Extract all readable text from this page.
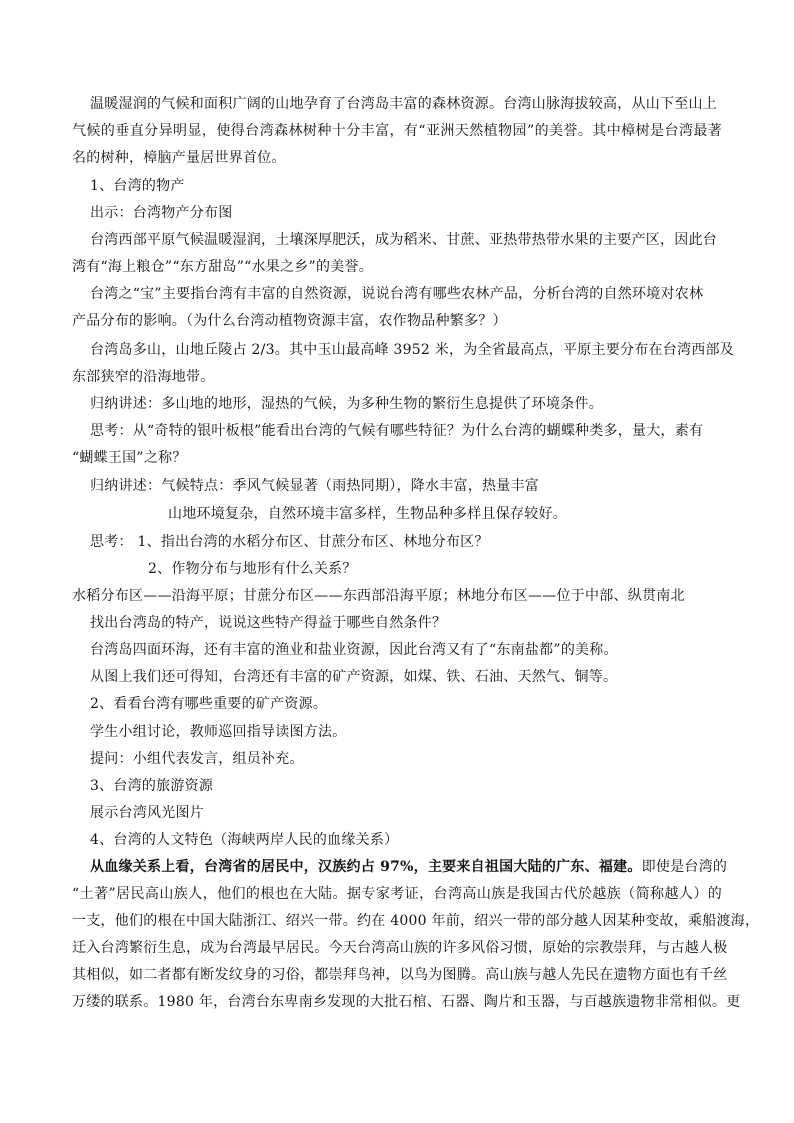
温暖湿润的气候和面积广阔的山地孕育了台湾岛丰富的森林资源。台湾山脉海拔较高，从山下至山上
气候的垂直分异明显，使得台湾森林树种十分丰富，有“亚洲天然植物园”的美誉。其中樟树是台湾最著
名的树种，樟脑产量居世界首位。
1、台湾的物产
出示：台湾物产分布图
台湾西部平原气候温暖湿润，土壤深厚肥沃，成为稻米、甘蔗、亚热带热带水果的主要产区，因此台
湾有“海上粮仓”“东方甜岛”“水果之乡”的美誉。
台湾之“宝”主要指台湾有丰富的自然资源，说说台湾有哪些农林产品，分析台湾的自然环境对农林
产品分布的影响。（为什么台湾动植物资源丰富，农作物品种繁多？）
台湾岛多山，山地丘陵占 2/3。其中玉山最高峰 3952 米，为全省最高点，平原主要分布在台湾西部及
东部狭窄的沿海地带。
归纳讲述：多山地的地形，湿热的气候，为多种生物的繁衍生息提供了环境条件。
思考：从“奇特的银叶板根”能看出台湾的气候有哪些特征？为什么台湾的蝴蝶种类多，量大，素有
“蝴蝶王国”之称？
归纳讲述：气候特点：季风气候显著（雨热同期），降水丰富，热量丰富
山地环境复杂，自然环境丰富多样，生物品种多样且保存较好。
思考： 1、指出台湾的水稻分布区、甘蔗分布区、林地分布区？
2、作物分布与地形有什么关系？
水稻分布区——沿海平原；甘蔗分布区——东西部沿海平原；林地分布区——位于中部、纵贯南北
找出台湾岛的特产，说说这些特产得益于哪些自然条件？
台湾岛四面环海，还有丰富的渔业和盐业资源，因此台湾又有了“东南盐都”的美称。
从图上我们还可得知，台湾还有丰富的矿产资源，如煤、铁、石油、天然气、铜等。
2、看看台湾有哪些重要的矿产资源。
学生小组讨论，教师巡回指导读图方法。
提问：小组代表发言，组员补充。
3、台湾的旅游资源
展示台湾风光图片
4、台湾的人文特色（海峡两岸人民的血缘关系）
从血缘关系上看，台湾省的居民中，汉族约占 97%，主要来自祖国大陆的广东、福建。即使是台湾的
“土著”居民高山族人，他们的根也在大陆。据专家考证，台湾高山族是我国古代於越族（简称越人）的
一支，他们的根在中国大陆浙江、绍兴一带。约在 4000 年前，绍兴一带的部分越人因某种变故，乘船渡海，
迁入台湾繁衍生息，成为台湾最早居民。今天台湾高山族的许多风俗习惯，原始的宗教崇拜，与古越人极
其相似，如二者都有断发纹身的习俗，都崇拜鸟神，以鸟为图腾。高山族与越人先民在遗物方面也有千丝
万缕的联系。1980 年，台湾台东卑南乡发现的大批石棺、石器、陶片和玉器，与百越族遗物非常相似。更
